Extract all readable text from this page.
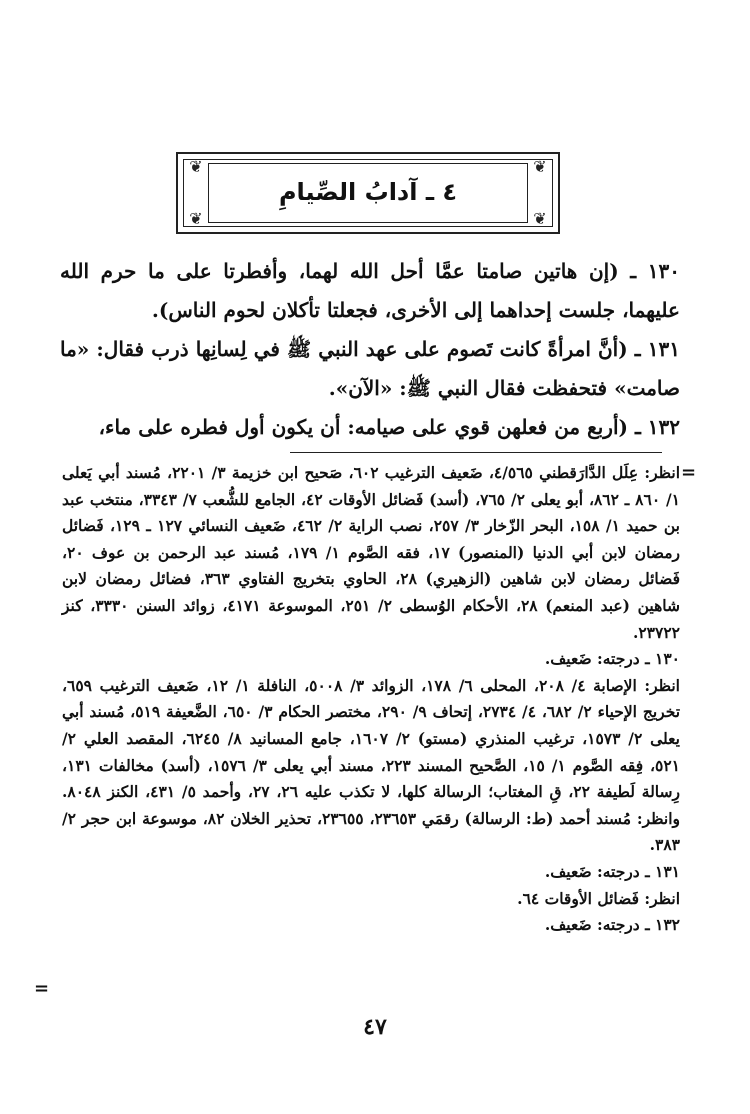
❦	❦
❦	❦
٤ ـ آدابُ الصِّيامِ

١٣٠ ـ (إن هاتين صامتا عمَّا أحل الله لهما، وأفطرتا على ما حرم الله عليهما، جلست إحداهما إلى الأخرى، فجعلتا تأكلان لحوم الناس).

١٣١ ـ (أنَّ امرأةً كانت تَصوم على عهد النبي ﷺ في لِسانِها ذرب فقال: «ما صامت» فتحفظت فقال النبي ﷺ: «الآن».

١٣٢ ـ (أربع من فعلهن قوي على صيامه: أن يكون أول فطره على ماء،

=

انظر: عِلَل الدَّارَقطني ٤/٥٦٥، ضَعيف الترغيب ٦٠٢، صَحيح ابن خزيمة ٣/ ٢٢٠١، مُسند أبي يَعلى ١/ ٨٦٠ ـ ٨٦٢، أبو يعلى ٢/ ٧٦٥، (أسد) فَضائل الأوقات ٤٢، الجامع للشُّعب ٧/ ٣٣٤٣، منتخب عبد بن حميد ١/ ١٥٨، البحر الزّخار ٣/ ٢٥٧، نصب الراية ٢/ ٤٦٢، ضَعيف النسائي ١٢٧ ـ ١٢٩، فَضائل رمضان لابن أبي الدنيا (المنصور) ١٧، فقه الصَّوم ١/ ١٧٩، مُسند عبد الرحمن بن عوف ٢٠، فَضائل رمضان لابن شاهين (الزهيري) ٢٨، الحاوي بتخريج الفتاوي ٣٦٣، فضائل رمضان لابن شاهين (عبد المنعم) ٢٨، الأحكام الوُسطى ٢/ ٢٥١، الموسوعة ٤١٧١، زوائد السنن ٣٣٣٠، كنز ٢٣٧٢٢.

١٣٠ ـ درجته: ضَعيف.

انظر: الإصابة ٤/ ٢٠٨، المحلى ٦/ ١٧٨، الزوائد ٣/ ٥٠٠٨، النافلة ١/ ١٢، ضَعيف الترغيب ٦٥٩، تخريج الإحياء ٢/ ٦٨٢، ٤/ ٢٧٣٤، إتحاف ٩/ ٢٩٠، مختصر الحكام ٣/ ٦٥٠، الضَّعيفة ٥١٩، مُسند أبي يعلى ٢/ ١٥٧٣، ترغيب المنذري (مستو) ٢/ ١٦٠٧، جامع المسانيد ٨/ ٦٢٤٥، المقصد العلي ٢/ ٥٢١، فِقه الصَّوم ١/ ١٥، الصَّحيح المسند ٢٢٣، مسند أبي يعلى ٣/ ١٥٧٦، (أسد) مخالفات ١٣١، رِسالة لَطيفة ٢٢، قِ المغتاب؛ الرسالة كلها، لا تكذب عليه ٢٦، ٢٧، وأحمد ٥/ ٤٣١، الكنز ٨٠٤٨. وانظر: مُسند أحمد (ط: الرسالة) رقمَي ٢٣٦٥٣، ٢٣٦٥٥، تحذير الخلان ٨٢، موسوعة ابن حجر ٢/ ٣٨٣.

١٣١ ـ درجته: ضَعيف.

انظر: فَضائل الأوقات ٦٤.

١٣٢ ـ درجته: ضَعيف.

=
٤٧
